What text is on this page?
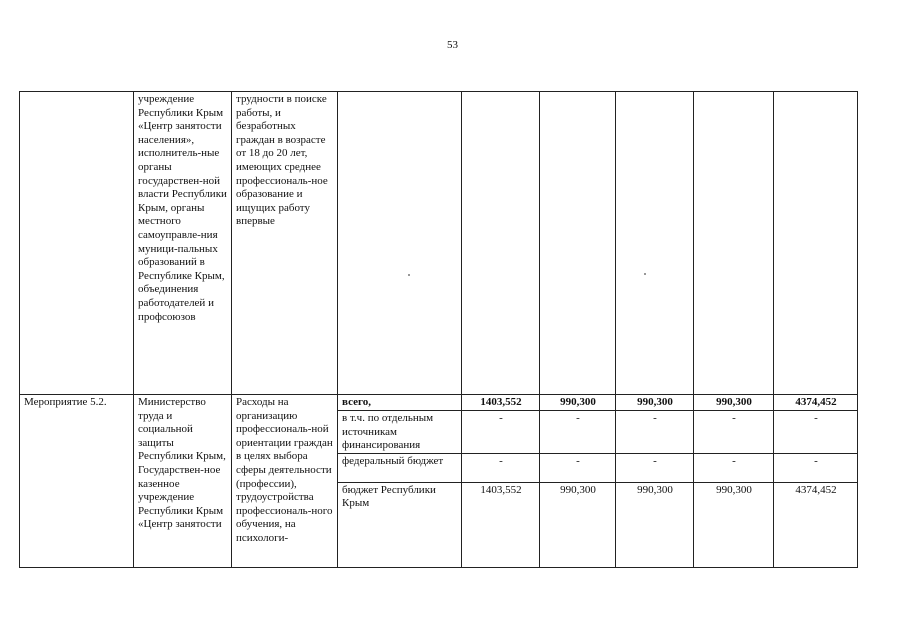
53
	учреждение Республики Крым «Центр занятости населения», исполнитель-ные органы государствен-ной власти Республики Крым, органы местного самоуправле-ния муници-пальных образований в Республике Крым, объединения работодателей и профсоюзов	трудности в поиске работы, и безработных граждан в возрасте от 18 до 20 лет, имеющих среднее профессиональ-ное образование и ищущих работу впервые						
Мероприятие 5.2.	Министерство труда и социальной защиты Республики Крым, Государствен-ное казенное учреждение Республики Крым «Центр занятости	Расходы на организацию профессиональ-ной ориентации граждан в целях выбора сферы деятельности (профессии), трудоустройства профессиональ-ного обучения, на психологи-	всего,	1403,552	990,300	990,300	990,300	4374,452
			в т.ч. по отдельным источникам финансирования	-	-	-	-	-
			федеральный бюджет	-	-	-	-	-
			бюджет Республики Крым	1403,552	990,300	990,300	990,300	4374,452
